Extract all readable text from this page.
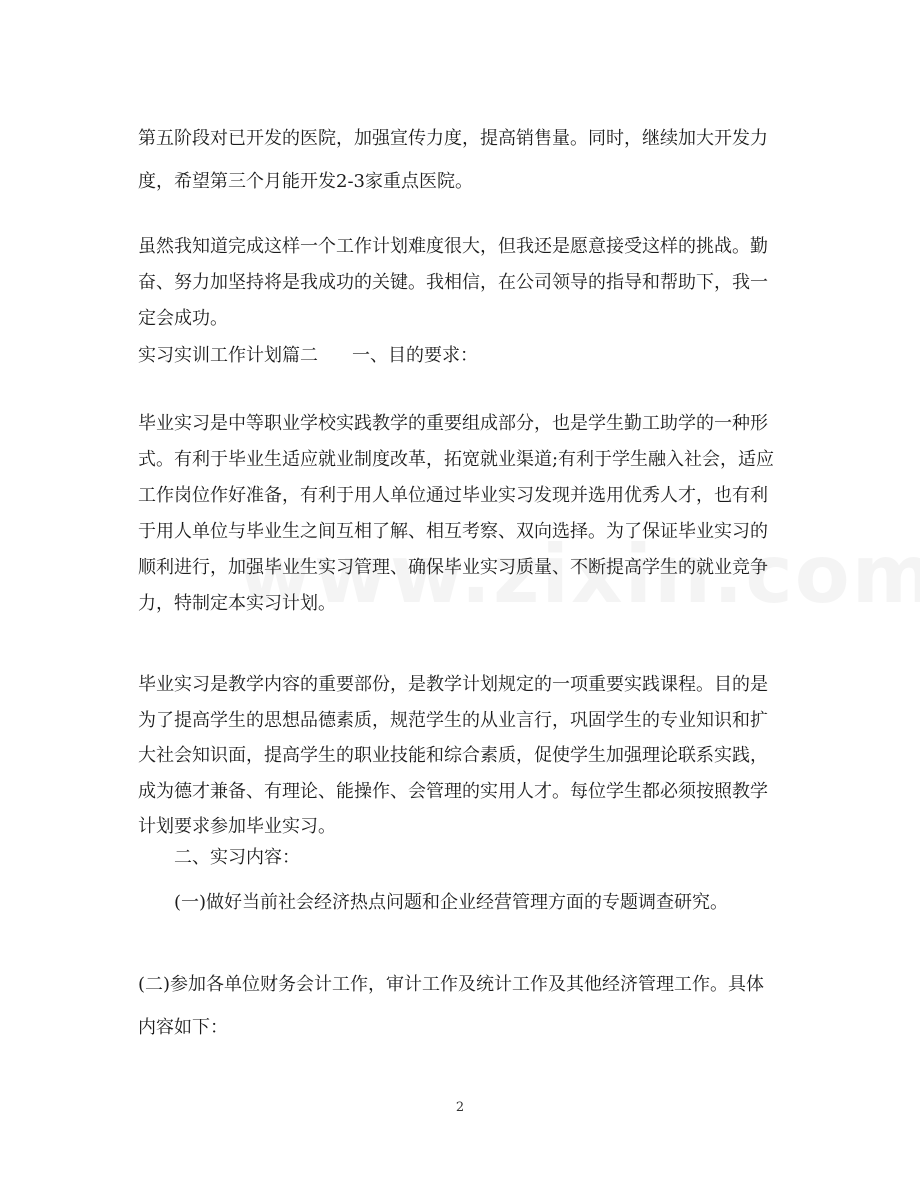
第五阶段对已开发的医院，加强宣传力度，提高销售量。同时，继续加大开发力
度，希望第三个月能开发2-3家重点医院。

虽然我知道完成这样一个工作计划难度很大，但我还是愿意接受这样的挑战。勤
奋、努力加坚持将是我成功的关键。我相信，在公司领导的指导和帮助下，我一
定会成功。

实习实训工作计划篇二 一、目的要求：

毕业实习是中等职业学校实践教学的重要组成部分，也是学生勤工助学的一种形
式。有利于毕业生适应就业制度改革，拓宽就业渠道;有利于学生融入社会，适应
工作岗位作好准备，有利于用人单位通过毕业实习发现并选用优秀人才，也有利
于用人单位与毕业生之间互相了解、相互考察、双向选择。为了保证毕业实习的
顺利进行，加强毕业生实习管理、确保毕业实习质量、不断提高学生的就业竞争
力，特制定本实习计划。

毕业实习是教学内容的重要部份，是教学计划规定的一项重要实践课程。目的是
为了提高学生的思想品德素质，规范学生的从业言行，巩固学生的专业知识和扩
大社会知识面，提高学生的职业技能和综合素质，促使学生加强理论联系实践，
成为德才兼备、有理论、能操作、会管理的实用人才。每位学生都必须按照教学
计划要求参加毕业实习。

二、实习内容：

(一)做好当前社会经济热点问题和企业经营管理方面的专题调查研究。

(二)参加各单位财务会计工作，审计工作及统计工作及其他经济管理工作。具体
内容如下：

2
